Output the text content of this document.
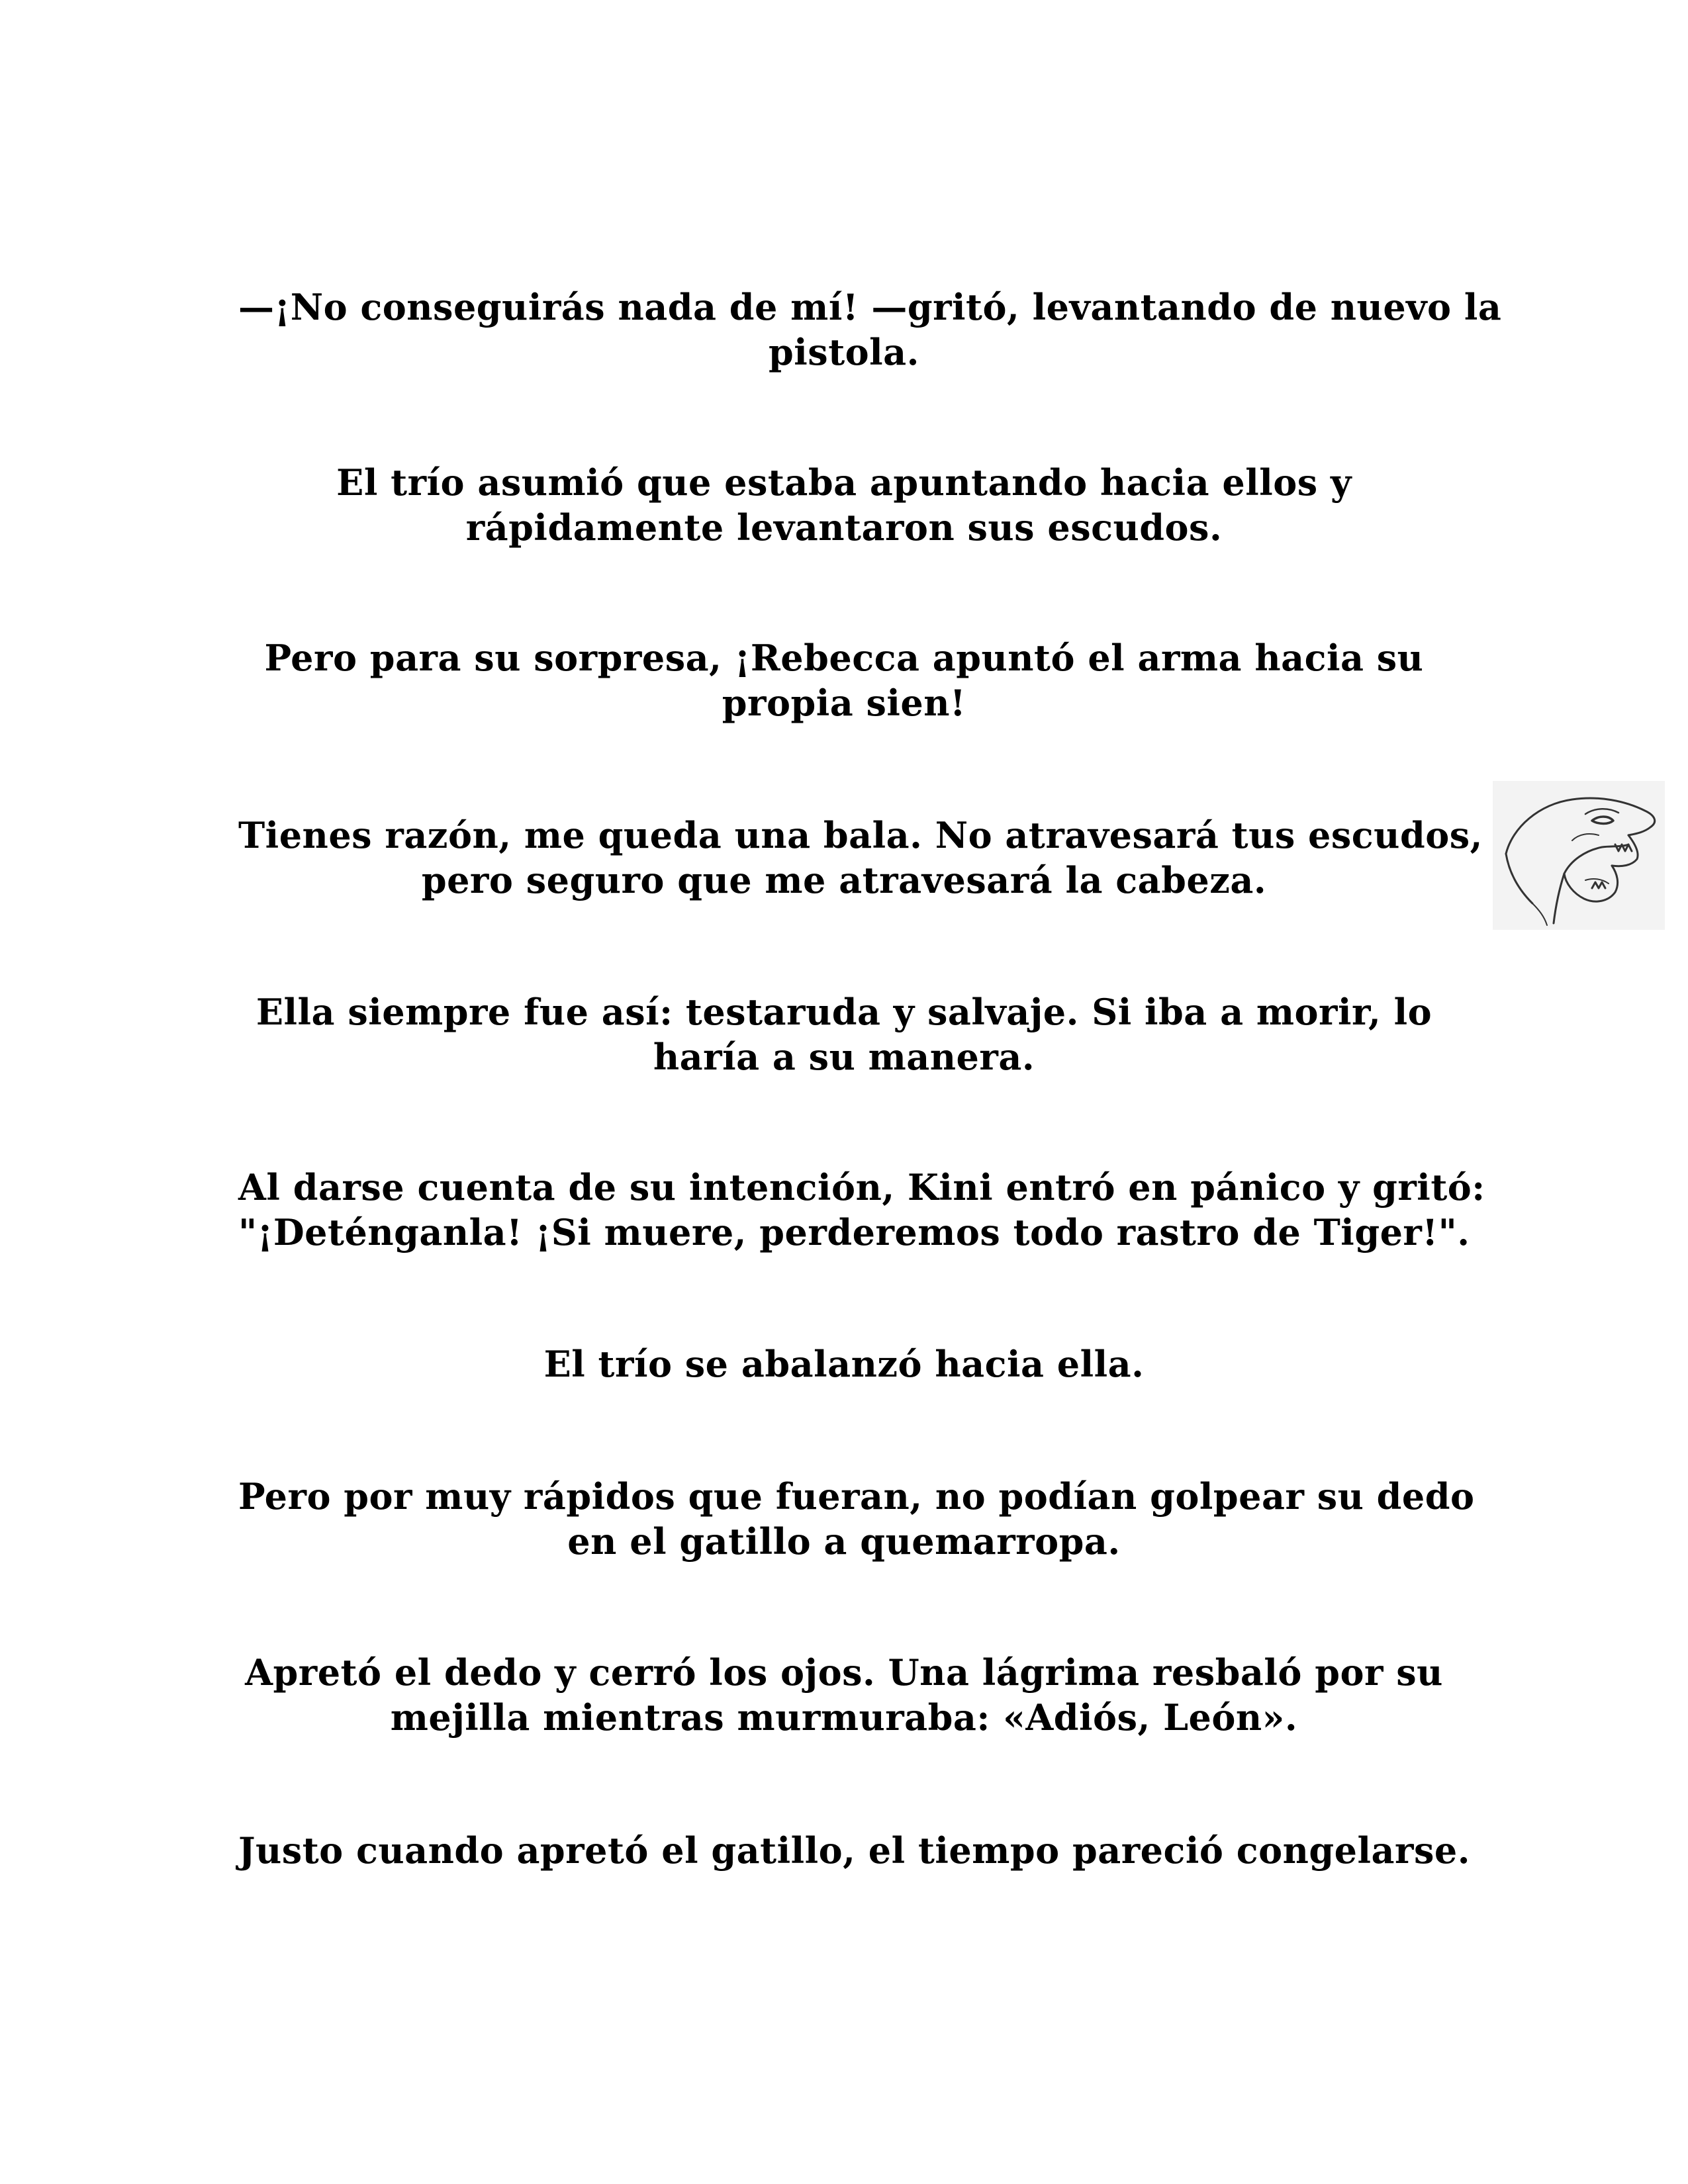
—¡No conseguirás nada de mí! —gritó, levantando de nuevo la
pistola.

El trío asumió que estaba apuntando hacia ellos y
rápidamente levantaron sus escudos.

Pero para su sorpresa, ¡Rebecca apuntó el arma hacia su
propia sien!

Tienes razón, me queda una bala. No atravesará tus escudos,
pero seguro que me atravesará la cabeza.

Ella siempre fue así: testaruda y salvaje. Si iba a morir, lo
haría a su manera.

Al darse cuenta de su intención, Kini entró en pánico y gritó:
"¡Deténganla! ¡Si muere, perderemos todo rastro de Tiger!".

El trío se abalanzó hacia ella.

Pero por muy rápidos que fueran, no podían golpear su dedo
en el gatillo a quemarropa.

Apretó el dedo y cerró los ojos. Una lágrima resbaló por su
mejilla mientras murmuraba: «Adiós, León».

Justo cuando apretó el gatillo, el tiempo pareció congelarse.
